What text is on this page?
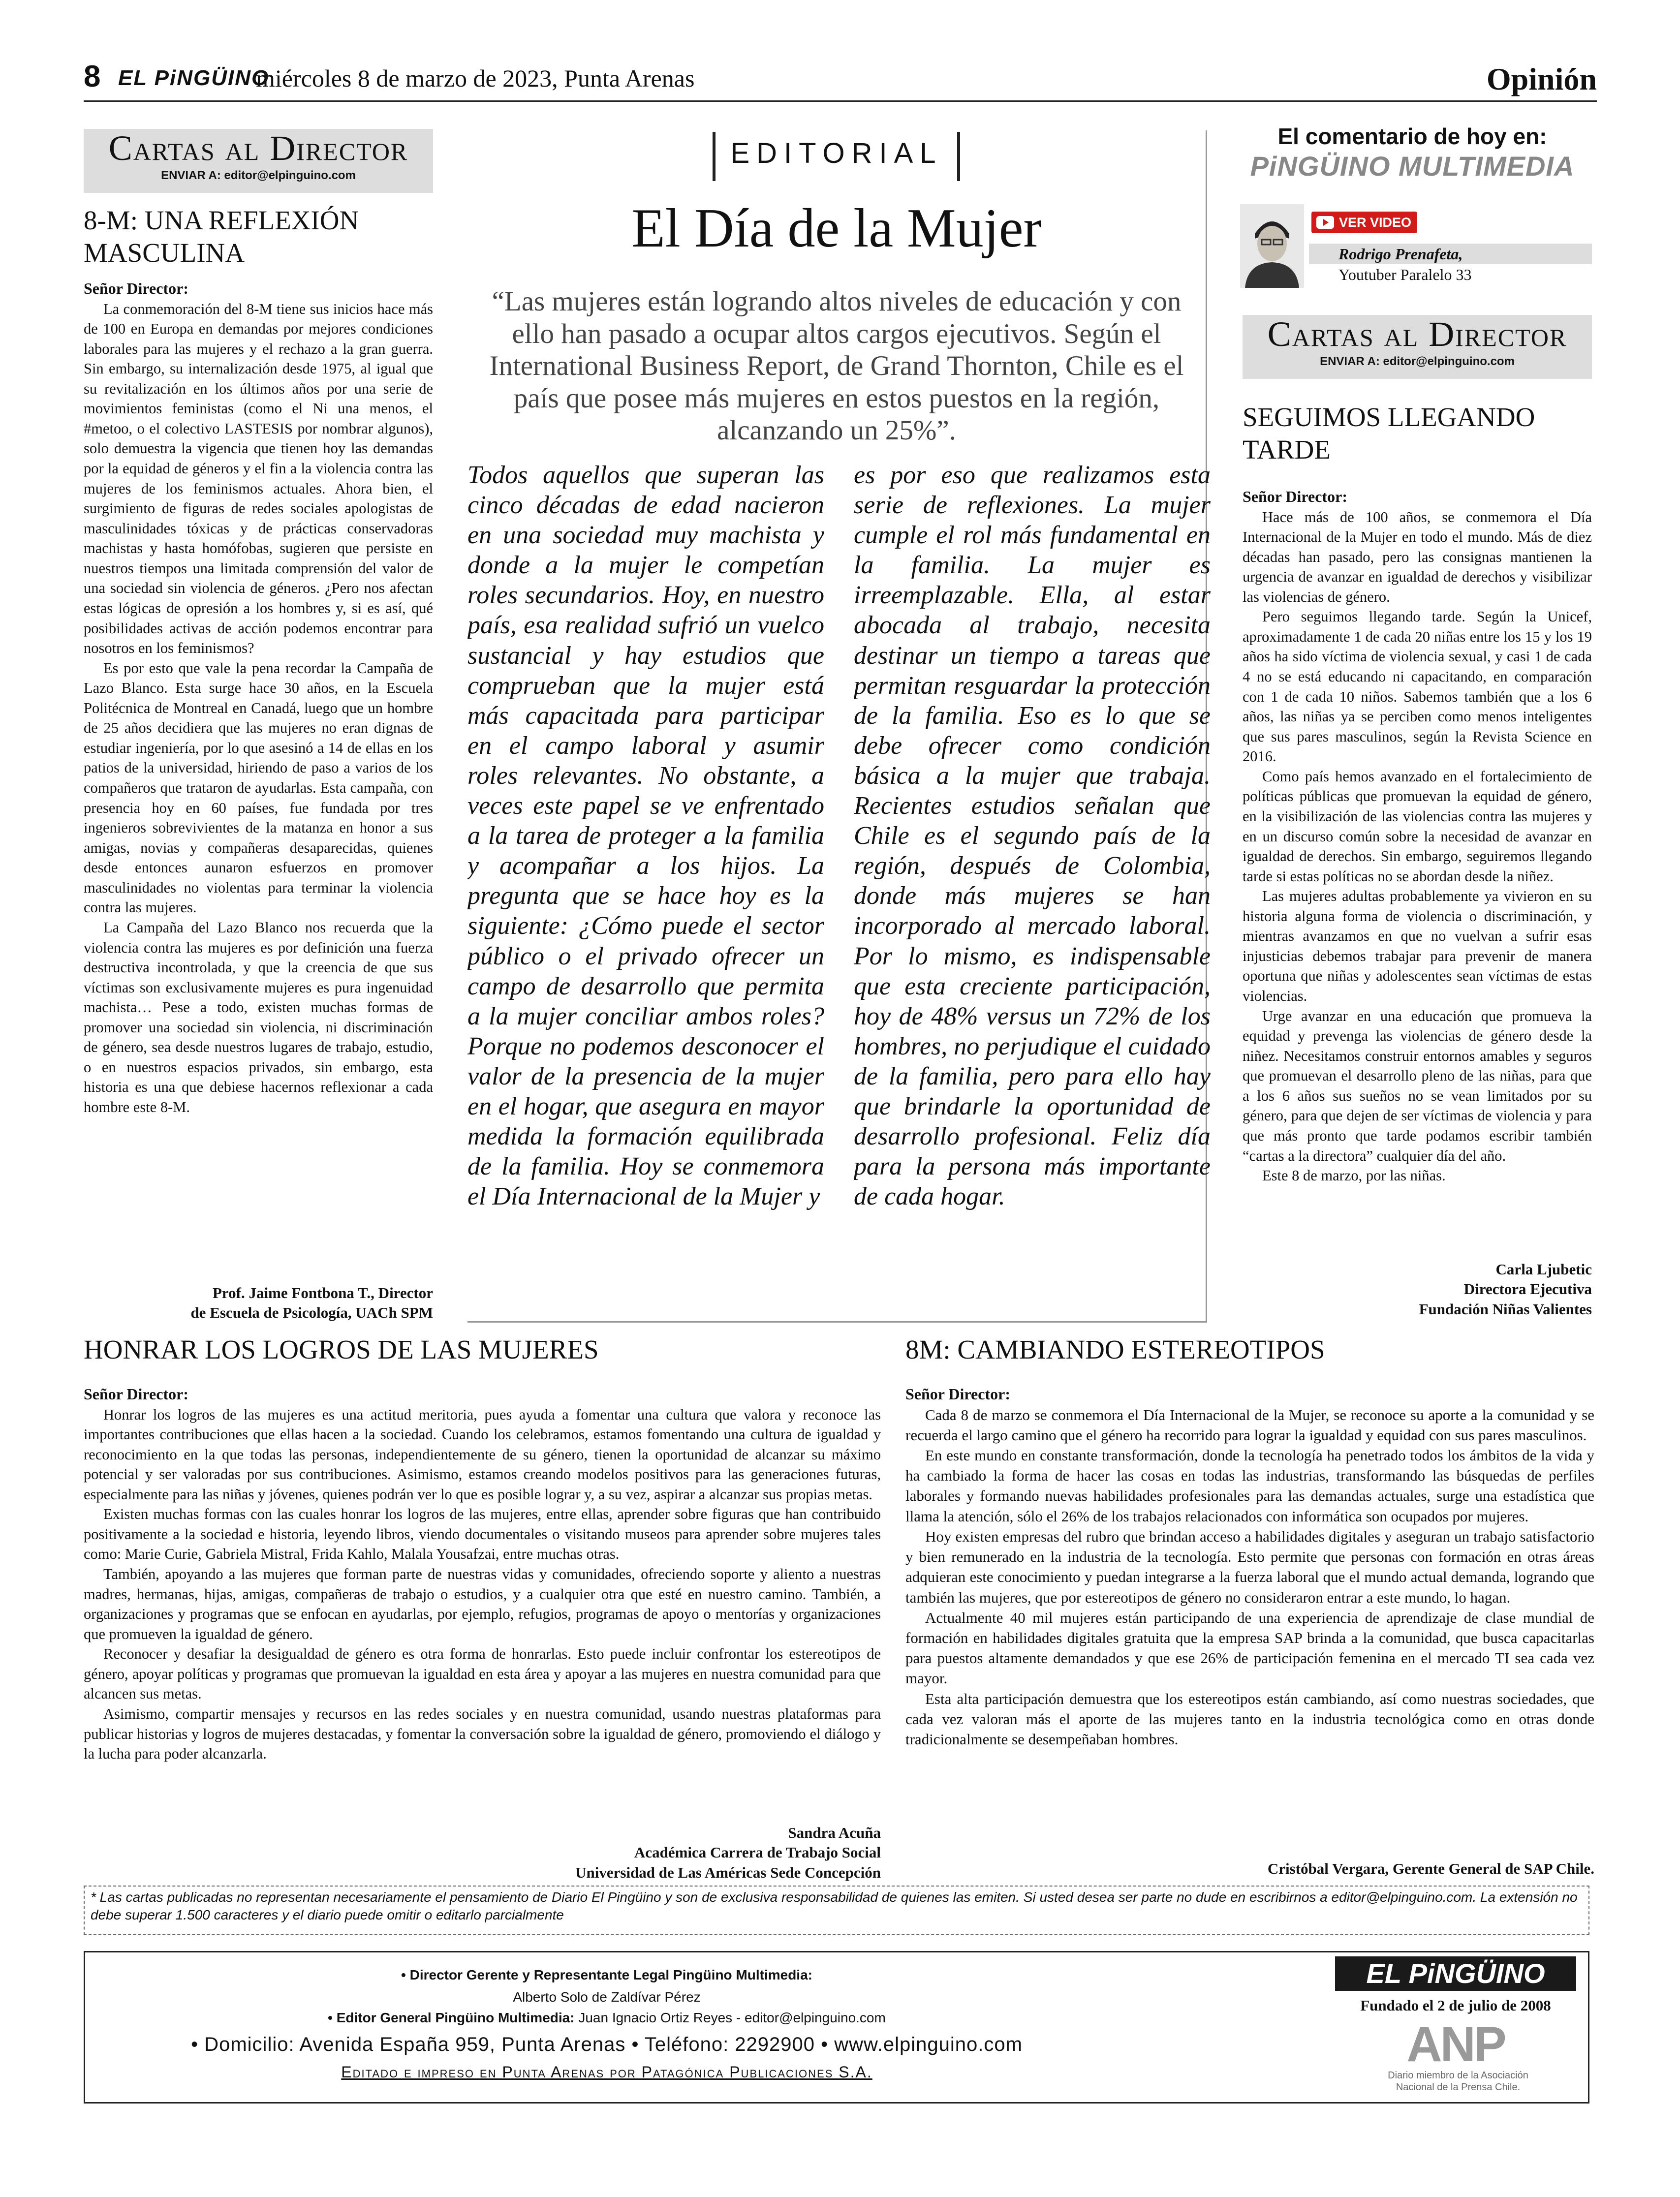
8 EL PiNGÜINO
miércoles 8 de marzo de 2023, Punta Arenas	Opinión
Cartas al Director
ENVIAR A: editor@elpinguino.com
8-M: UNA REFLEXIÓN MASCULINA

Señor Director:

La conmemoración del 8-M tiene sus inicios hace más de 100 en Europa en demandas por mejores condiciones laborales para las mujeres y el rechazo a la gran guerra. Sin embargo, su internalización desde 1975, al igual que su revitalización en los últimos años por una serie de movimientos feministas (como el Ni una menos, el #metoo, o el colectivo LASTESIS por nombrar algunos), solo demuestra la vigencia que tienen hoy las demandas por la equidad de géneros y el fin a la violencia contra las mujeres de los feminismos actuales. Ahora bien, el surgimiento de figuras de redes sociales apologistas de masculinidades tóxicas y de prácticas conservadoras machistas y hasta homófobas, sugieren que persiste en nuestros tiempos una limitada comprensión del valor de una sociedad sin violencia de géneros. ¿Pero nos afectan estas lógicas de opresión a los hombres y, si es así, qué posibilidades activas de acción podemos encontrar para nosotros en los feminismos?

Es por esto que vale la pena recordar la Campaña de Lazo Blanco. Esta surge hace 30 años, en la Escuela Politécnica de Montreal en Canadá, luego que un hombre de 25 años decidiera que las mujeres no eran dignas de estudiar ingeniería, por lo que asesinó a 14 de ellas en los patios de la universidad, hiriendo de paso a varios de los compañeros que trataron de ayudarlas. Esta campaña, con presencia hoy en 60 países, fue fundada por tres ingenieros sobrevivientes de la matanza en honor a sus amigas, novias y compañeras desaparecidas, quienes desde entonces aunaron esfuerzos en promover masculinidades no violentas para terminar la violencia contra las mujeres.

La Campaña del Lazo Blanco nos recuerda que la violencia contra las mujeres es por definición una fuerza destructiva incontrolada, y que la creencia de que sus víctimas son exclusivamente mujeres es pura ingenuidad machista… Pese a todo, existen muchas formas de promover una sociedad sin violencia, ni discriminación de género, sea desde nuestros lugares de trabajo, estudio, o en nuestros espacios privados, sin embargo, esta historia es una que debiese hacernos reflexionar a cada hombre este 8-M.

Prof. Jaime Fontbona T., Director
de Escuela de Psicología, UACh SPM
EDITORIAL
El Día de la Mujer
“Las mujeres están logrando altos niveles de educación y con ello han pasado a ocupar altos cargos ejecutivos. Según el International Business Report, de Grand Thornton, Chile es el país que posee más mujeres en estos puestos en la región, alcanzando un 25%”.
Todos aquellos que superan las cinco décadas de edad nacieron en una sociedad muy machista y donde a la mujer le competían roles secundarios. Hoy, en nuestro país, esa realidad sufrió un vuelco sustancial y hay estudios que comprueban que la mujer está más capacitada para participar en el campo laboral y asumir roles relevantes. No obstante, a veces este papel se ve enfrentado a la tarea de proteger a la familia y acompañar a los hijos. La pregunta que se hace hoy es la siguiente: ¿Cómo puede el sector público o el privado ofrecer un campo de desarrollo que permita a la mujer conciliar ambos roles? Porque no podemos desconocer el valor de la presencia de la mujer en el hogar, que asegura en mayor medida la formación equilibrada de la familia. Hoy se conmemora el Día Internacional de la Mujer y
es por eso que realizamos esta serie de reflexiones. La mujer cumple el rol más fundamental en la familia. La mujer es irreemplazable. Ella, al estar abocada al trabajo, necesita destinar un tiempo a tareas que permitan resguardar la protección de la familia. Eso es lo que se debe ofrecer como condición básica a la mujer que trabaja. Recientes estudios señalan que Chile es el segundo país de la región, después de Colombia, donde más mujeres se han incorporado al mercado laboral. Por lo mismo, es indispensable que esta creciente participación, hoy de 48% versus un 72% de los hombres, no perjudique el cuidado de la familia, pero para ello hay que brindarle la oportunidad de desarrollo profesional. Feliz día para la persona más importante de cada hogar.
El comentario de hoy en:
PiNGÜINO MULTIMEDIA
VER VIDEO
Rodrigo Prenafeta,
Youtuber Paralelo 33
Cartas al Director
ENVIAR A: editor@elpinguino.com
SEGUIMOS LLEGANDO TARDE

Señor Director:

Hace más de 100 años, se conmemora el Día Internacional de la Mujer en todo el mundo. Más de diez décadas han pasado, pero las consignas mantienen la urgencia de avanzar en igualdad de derechos y visibilizar las violencias de género.

Pero seguimos llegando tarde. Según la Unicef, aproximadamente 1 de cada 20 niñas entre los 15 y los 19 años ha sido víctima de violencia sexual, y casi 1 de cada 4 no se está educando ni capacitando, en comparación con 1 de cada 10 niños. Sabemos también que a los 6 años, las niñas ya se perciben como menos inteligentes que sus pares masculinos, según la Revista Science en 2016.

Como país hemos avanzado en el fortalecimiento de políticas públicas que promuevan la equidad de género, en la visibilización de las violencias contra las mujeres y en un discurso común sobre la necesidad de avanzar en igualdad de derechos. Sin embargo, seguiremos llegando tarde si estas políticas no se abordan desde la niñez.

Las mujeres adultas probablemente ya vivieron en su historia alguna forma de violencia o discriminación, y mientras avanzamos en que no vuelvan a sufrir esas injusticias debemos trabajar para prevenir de manera oportuna que niñas y adolescentes sean víctimas de estas violencias.

Urge avanzar en una educación que promueva la equidad y prevenga las violencias de género desde la niñez. Necesitamos construir entornos amables y seguros que promuevan el desarrollo pleno de las niñas, para que a los 6 años sus sueños no se vean limitados por su género, para que dejen de ser víctimas de violencia y para que más pronto que tarde podamos escribir también “cartas a la directora” cualquier día del año.

Este 8 de marzo, por las niñas.

Carla Ljubetic
Directora Ejecutiva
Fundación Niñas Valientes
HONRAR LOS LOGROS DE LAS MUJERES

Señor Director:

Honrar los logros de las mujeres es una actitud meritoria, pues ayuda a fomentar una cultura que valora y reconoce las importantes contribuciones que ellas hacen a la sociedad. Cuando los celebramos, estamos fomentando una cultura de igualdad y reconocimiento en la que todas las personas, independientemente de su género, tienen la oportunidad de alcanzar su máximo potencial y ser valoradas por sus contribuciones. Asimismo, estamos creando modelos positivos para las generaciones futuras, especialmente para las niñas y jóvenes, quienes podrán ver lo que es posible lograr y, a su vez, aspirar a alcanzar sus propias metas.

Existen muchas formas con las cuales honrar los logros de las mujeres, entre ellas, aprender sobre figuras que han contribuido positivamente a la sociedad e historia, leyendo libros, viendo documentales o visitando museos para aprender sobre mujeres tales como: Marie Curie, Gabriela Mistral, Frida Kahlo, Malala Yousafzai, entre muchas otras.

También, apoyando a las mujeres que forman parte de nuestras vidas y comunidades, ofreciendo soporte y aliento a nuestras madres, hermanas, hijas, amigas, compañeras de trabajo o estudios, y a cualquier otra que esté en nuestro camino. También, a organizaciones y programas que se enfocan en ayudarlas, por ejemplo, refugios, programas de apoyo o mentorías y organizaciones que promueven la igualdad de género.

Reconocer y desafiar la desigualdad de género es otra forma de honrarlas. Esto puede incluir confrontar los estereotipos de género, apoyar políticas y programas que promuevan la igualdad en esta área y apoyar a las mujeres en nuestra comunidad para que alcancen sus metas.

Asimismo, compartir mensajes y recursos en las redes sociales y en nuestra comunidad, usando nuestras plataformas para publicar historias y logros de mujeres destacadas, y fomentar la conversación sobre la igualdad de género, promoviendo el diálogo y la lucha para poder alcanzarla.

Sandra Acuña
Académica Carrera de Trabajo Social
Universidad de Las Américas Sede Concepción
8M: CAMBIANDO ESTEREOTIPOS

Señor Director:

Cada 8 de marzo se conmemora el Día Internacional de la Mujer, se reconoce su aporte a la comunidad y se recuerda el largo camino que el género ha recorrido para lograr la igualdad y equidad con sus pares masculinos.

En este mundo en constante transformación, donde la tecnología ha penetrado todos los ámbitos de la vida y ha cambiado la forma de hacer las cosas en todas las industrias, transformando las búsquedas de perfiles laborales y formando nuevas habilidades profesionales para las demandas actuales, surge una estadística que llama la atención, sólo el 26% de los trabajos relacionados con informática son ocupados por mujeres.

Hoy existen empresas del rubro que brindan acceso a habilidades digitales y aseguran un trabajo satisfactorio y bien remunerado en la industria de la tecnología. Esto permite que personas con formación en otras áreas adquieran este conocimiento y puedan integrarse a la fuerza laboral que el mundo actual demanda, logrando que también las mujeres, que por estereotipos de género no consideraron entrar a este mundo, lo hagan.

Actualmente 40 mil mujeres están participando de una experiencia de aprendizaje de clase mundial de formación en habilidades digitales gratuita que la empresa SAP brinda a la comunidad, que busca capacitarlas para puestos altamente demandados y que ese 26% de participación femenina en el mercado TI sea cada vez mayor.

Esta alta participación demuestra que los estereotipos están cambiando, así como nuestras sociedades, que cada vez valoran más el aporte de las mujeres tanto en la industria tecnológica como en otras donde tradicionalmente se desempeñaban hombres.

Cristóbal Vergara, Gerente General de SAP Chile.
* Las cartas publicadas no representan necesariamente el pensamiento de Diario El Pingüino y son de exclusiva responsabilidad de quienes las emiten. Si usted desea ser parte no dude en escribirnos a editor@elpinguino.com. La extensión no debe superar 1.500 caracteres y el diario puede omitir o editarlo parcialmente
• Director Gerente y Representante Legal Pingüino Multimedia:
Alberto Solo de Zaldívar Pérez
• Editor General Pingüino Multimedia: Juan Ignacio Ortiz Reyes - editor@elpinguino.com
• Domicilio: Avenida España 959, Punta Arenas • Teléfono: 2292900 • www.elpinguino.com
Editado e impreso en Punta Arenas por Patagónica Publicaciones S.A.
EL PiNGÜINO
Fundado el 2 de julio de 2008
ANP
Diario miembro de la Asociación Nacional de la Prensa Chile.
